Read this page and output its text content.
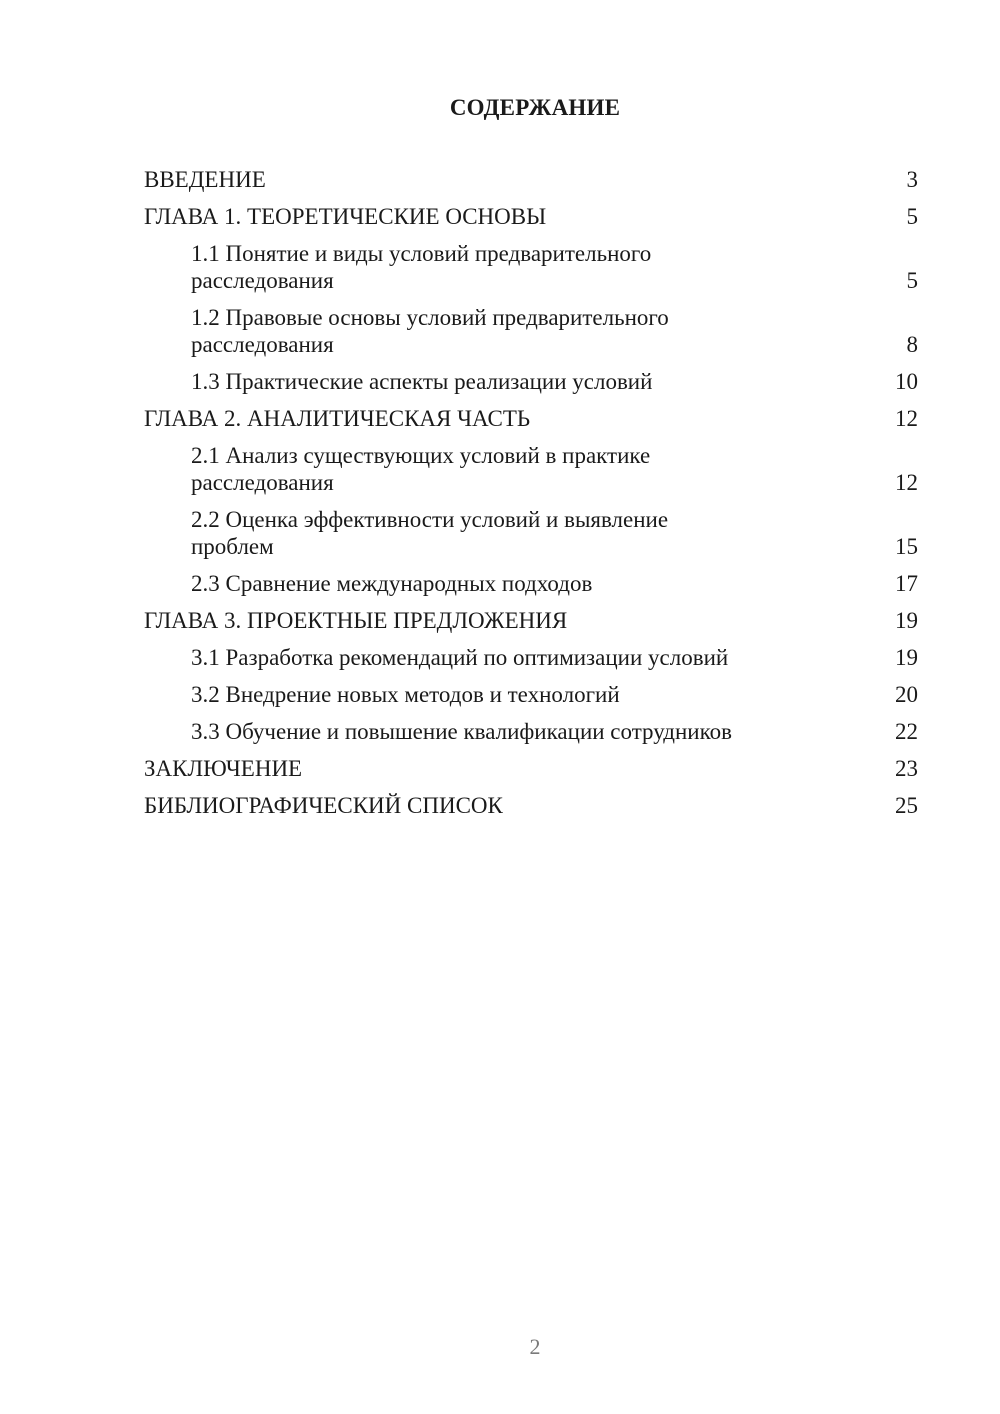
СОДЕРЖАНИЕ
ВВЕДЕНИЕ	3
ГЛАВА 1. ТЕОРЕТИЧЕСКИЕ ОСНОВЫ	5
1.1 Понятие и виды условий предварительного расследования	5
1.2 Правовые основы условий предварительного расследования	8
1.3 Практические аспекты реализации условий	10
ГЛАВА 2. АНАЛИТИЧЕСКАЯ ЧАСТЬ	12
2.1 Анализ существующих условий в практике расследования	12
2.2 Оценка эффективности условий и выявление проблем	15
2.3 Сравнение международных подходов	17
ГЛАВА 3. ПРОЕКТНЫЕ ПРЕДЛОЖЕНИЯ	19
3.1 Разработка рекомендаций по оптимизации условий	19
3.2 Внедрение новых методов и технологий	20
3.3 Обучение и повышение квалификации сотрудников	22
ЗАКЛЮЧЕНИЕ	23
БИБЛИОГРАФИЧЕСКИЙ СПИСОК	25
2
